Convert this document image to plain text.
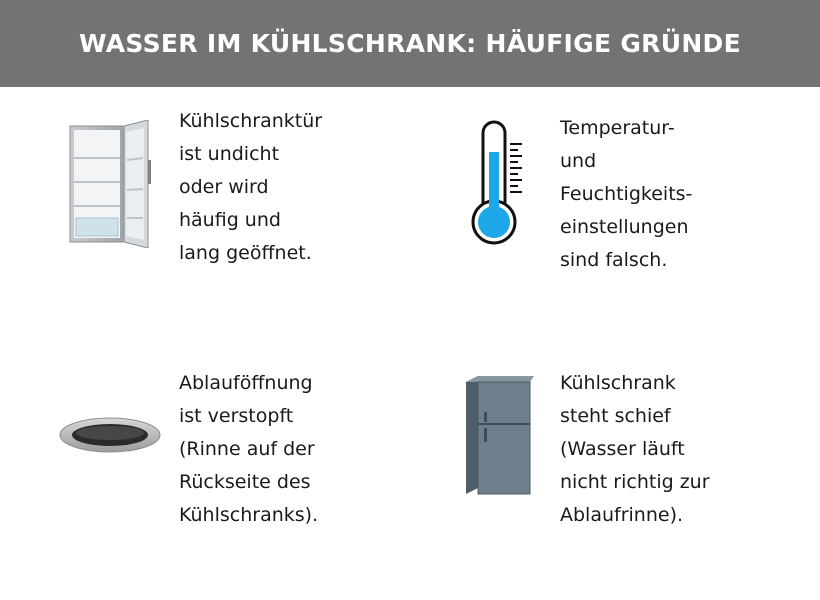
WASSER IM KÜHLSCHRANK: HÄUFIGE GRÜNDE
Kühlschranktür
ist undicht
oder wird
häufig und
lang geöffnet.
Temperatur-
und
Feuchtigkeits-
einstellungen
sind falsch.
Ablauföffnung
ist verstopft
(Rinne auf der
Rückseite des
Kühlschranks).
Kühlschrank
steht schief
(Wasser läuft
nicht richtig zur
Ablaufrinne).
